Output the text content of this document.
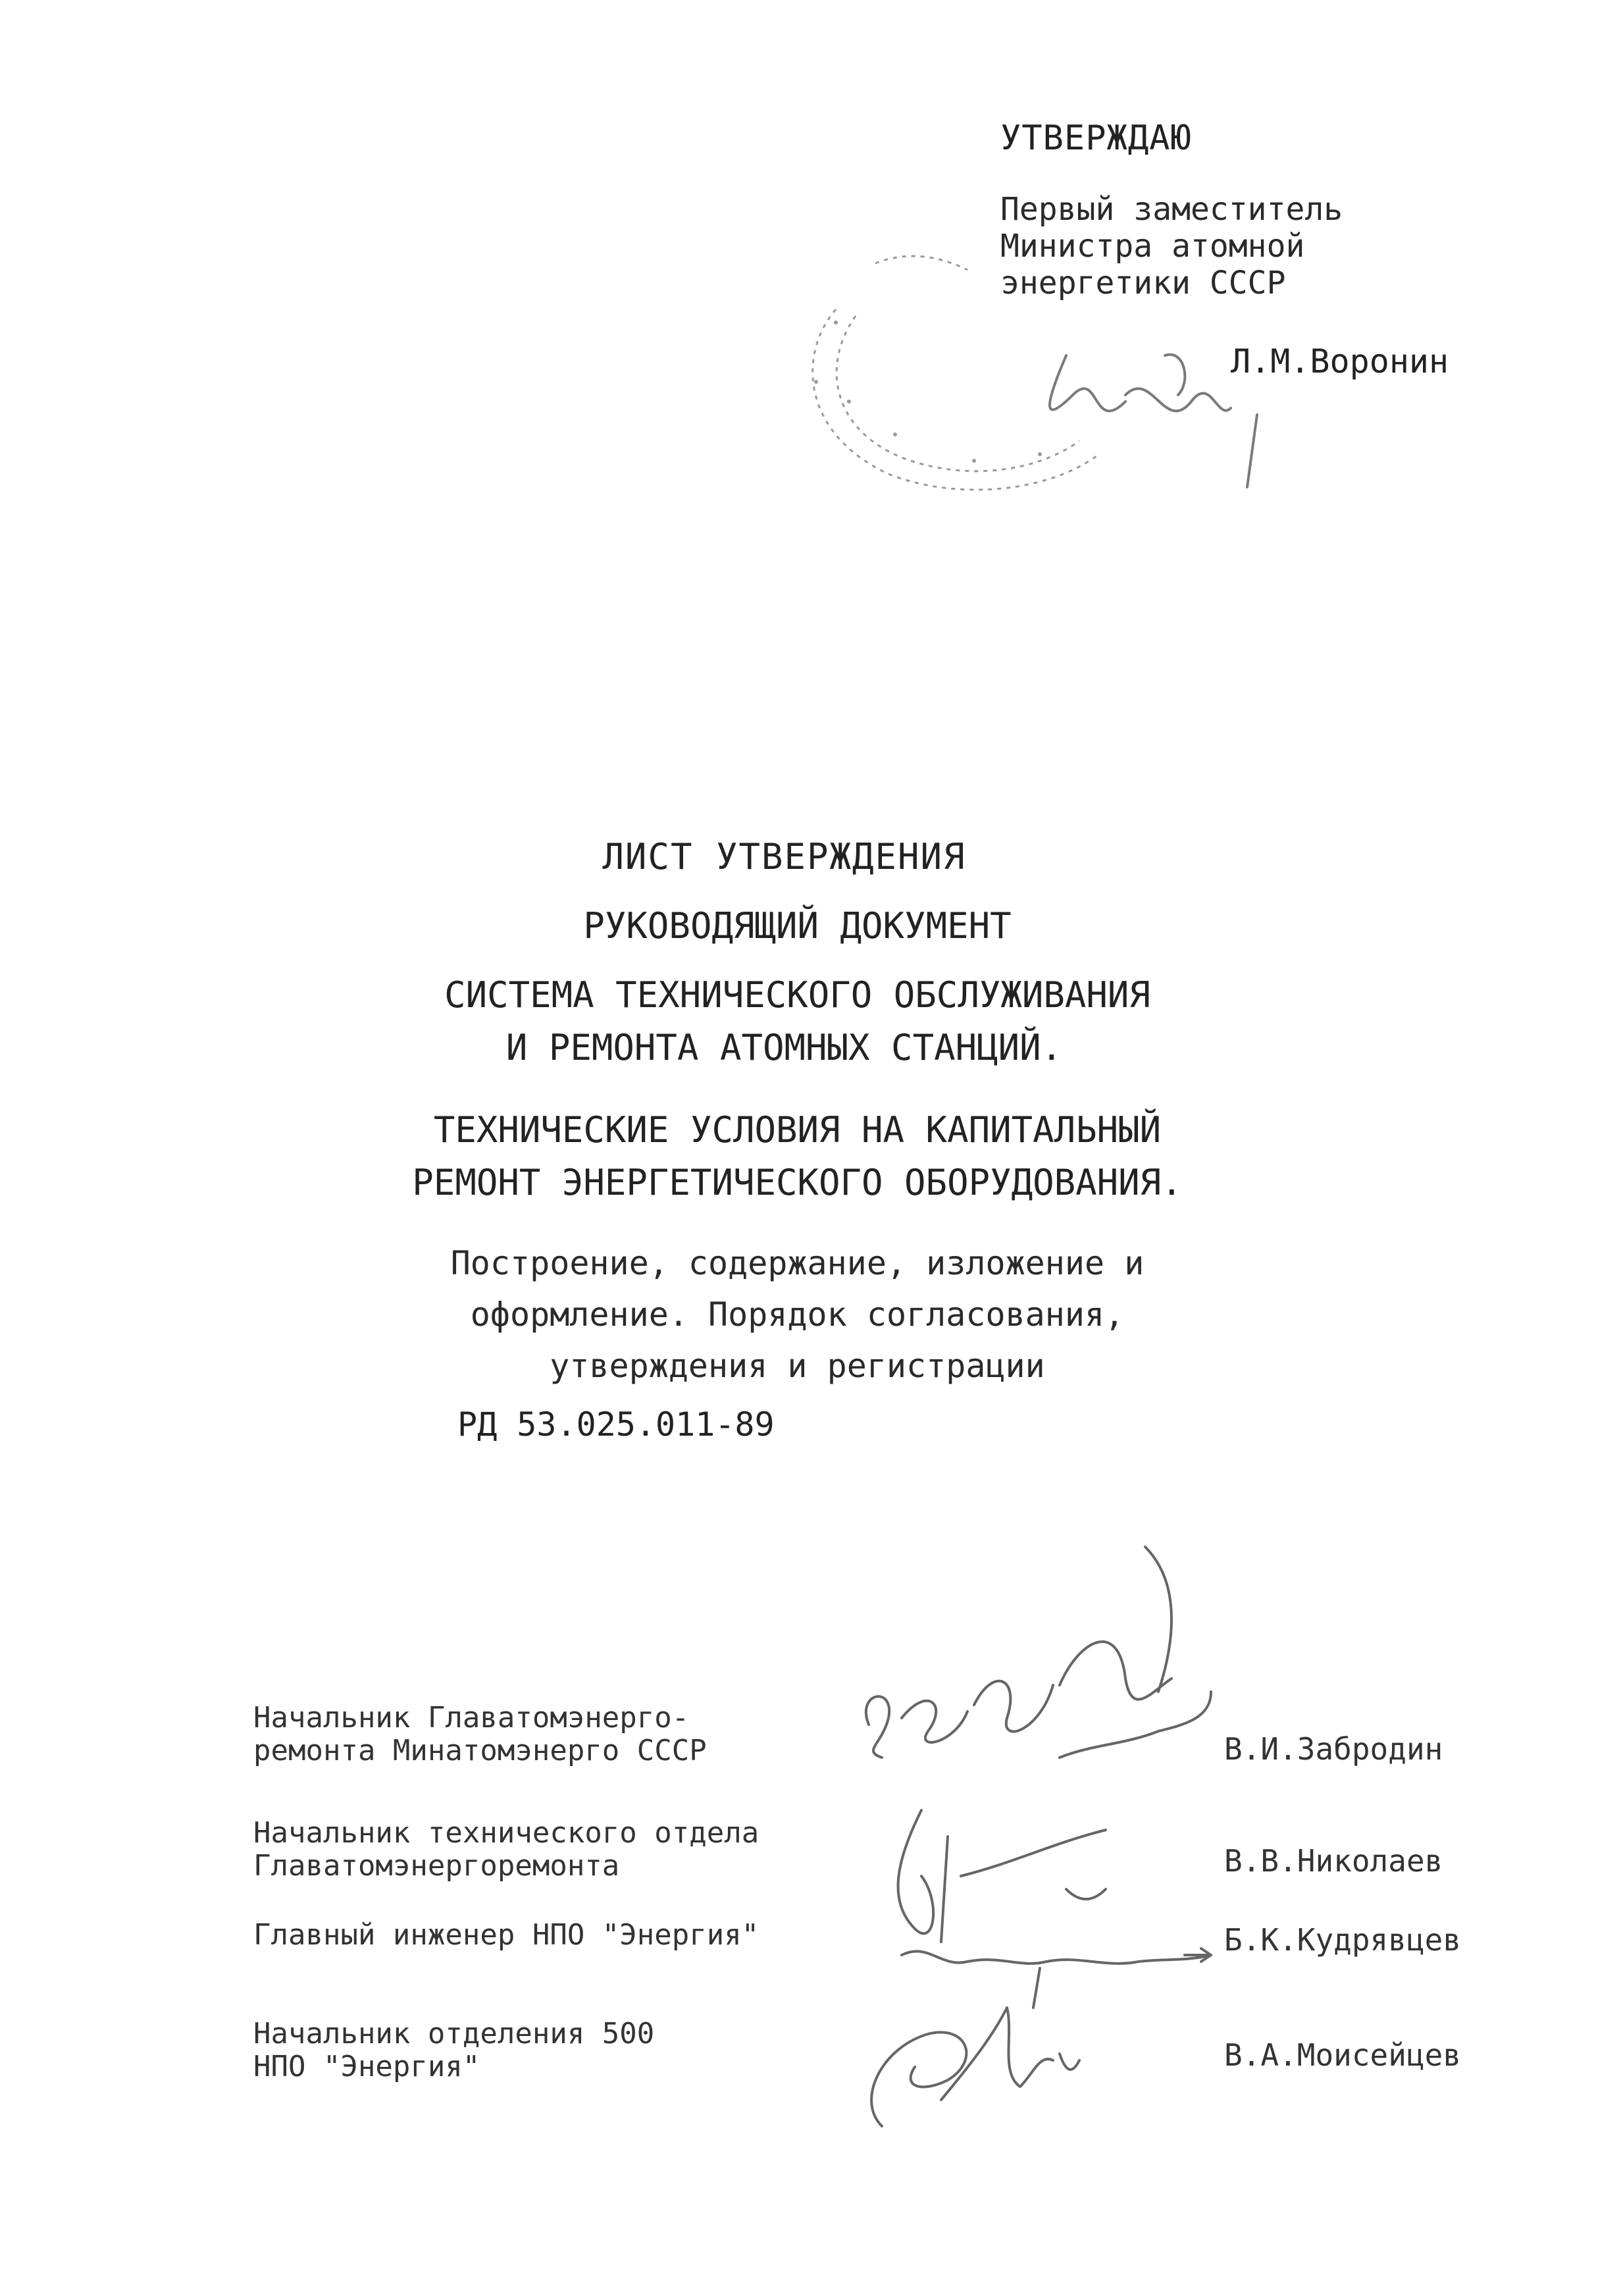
УТВЕРЖДАЮ
Первый заместитель
Министра атомной
энергетики СССР
Л.М.Воронин
ЛИСТ УТВЕРЖДЕНИЯ
РУКОВОДЯЩИЙ ДОКУМЕНТ
СИСТЕМА ТЕХНИЧЕСКОГО ОБСЛУЖИВАНИЯ
И РЕМОНТА АТОМНЫХ СТАНЦИЙ.
ТЕХНИЧЕСКИЕ УСЛОВИЯ НА КАПИТАЛЬНЫЙ
РЕМОНТ ЭНЕРГЕТИЧЕСКОГО ОБОРУДОВАНИЯ.
Построение, содержание, изложение и
оформление. Порядок согласования,
утверждения и регистрации
РД 53.025.011-89
Начальник Главатомэнерго-
ремонта Минатомэнерго СССР	В.И.Забродин
Начальник технического отдела
Главатомэнергоремонта	В.В.Николаев
Главный инженер НПО "Энергия"	Б.К.Кудрявцев
Начальник отделения 500
НПО "Энергия"	В.А.Моисейцев
